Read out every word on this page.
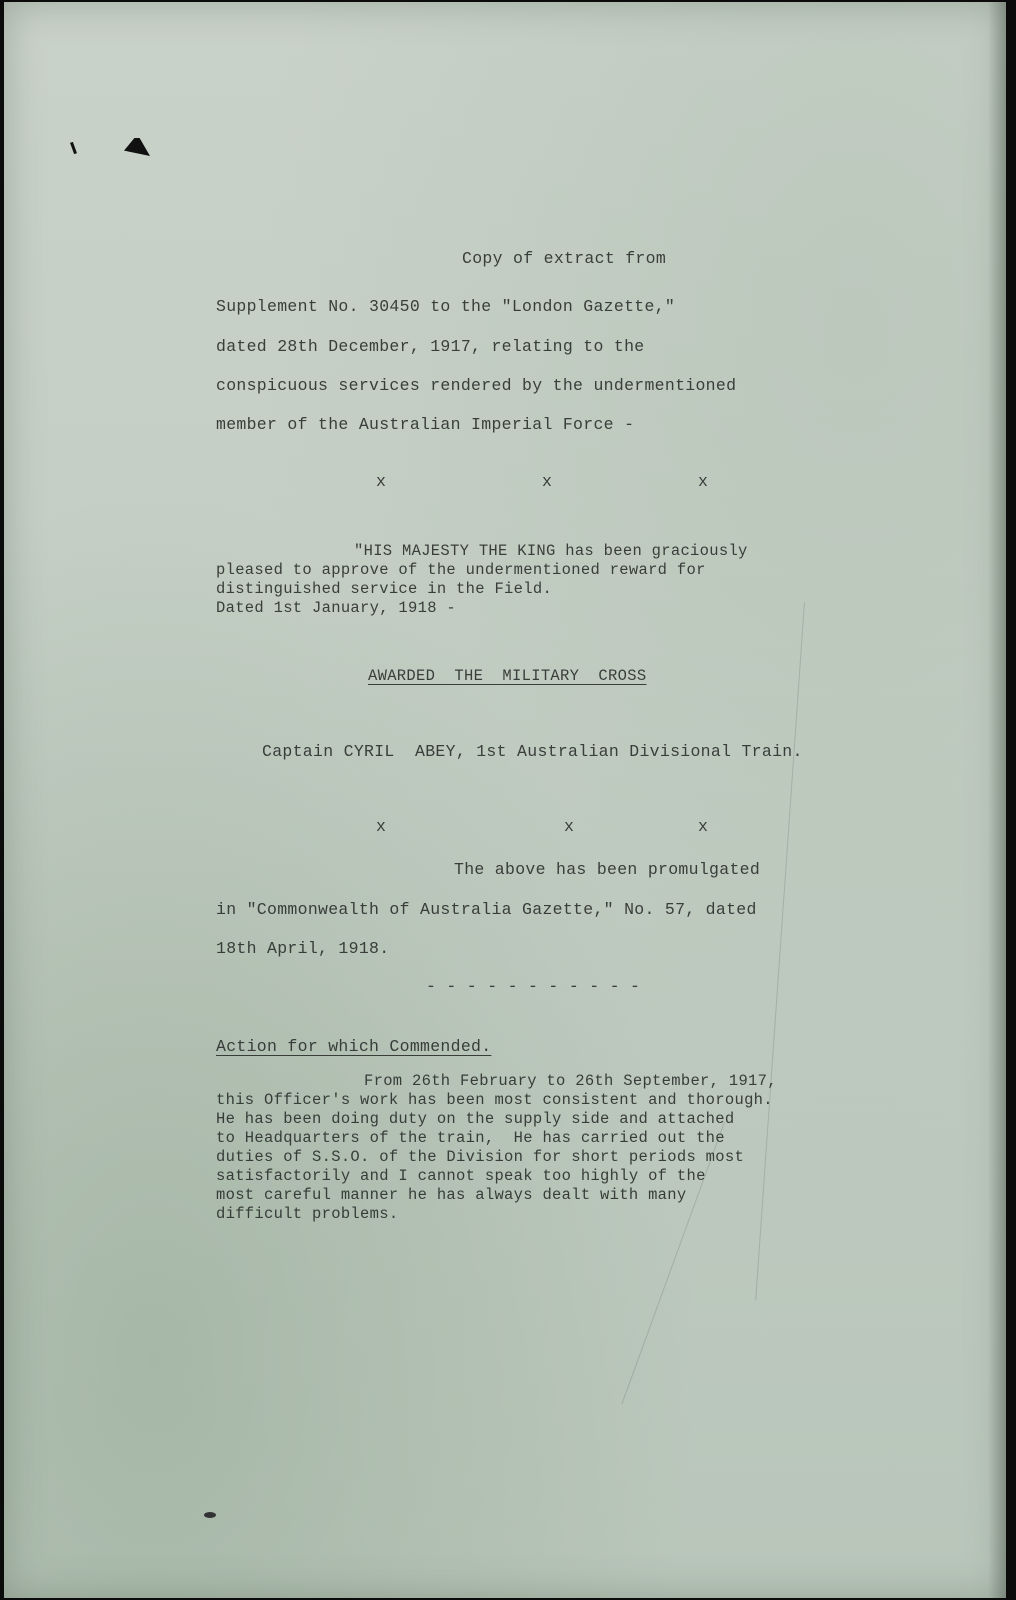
Copy of extract from
Supplement No. 30450 to the "London Gazette,"
dated 28th December, 1917, relating to the
conspicuous services rendered by the undermentioned
member of the Australian Imperial Force -
x	x	x
"HIS MAJESTY THE KING has been graciously
pleased to approve of the undermentioned reward for
distinguished service in the Field.
Dated 1st January, 1918 -
AWARDED  THE  MILITARY  CROSS
Captain CYRIL  ABEY, 1st Australian Divisional Train.
x	x	x
The above has been promulgated
in "Commonwealth of Australia Gazette," No. 57, dated
18th April, 1918.
- - - - - - - - - - -
Action for which Commended.
From 26th February to 26th September, 1917,
this Officer's work has been most consistent and thorough.
He has been doing duty on the supply side and attached
to Headquarters of the train,  He has carried out the
duties of S.S.O. of the Division for short periods most
satisfactorily and I cannot speak too highly of the
most careful manner he has always dealt with many
difficult problems.
